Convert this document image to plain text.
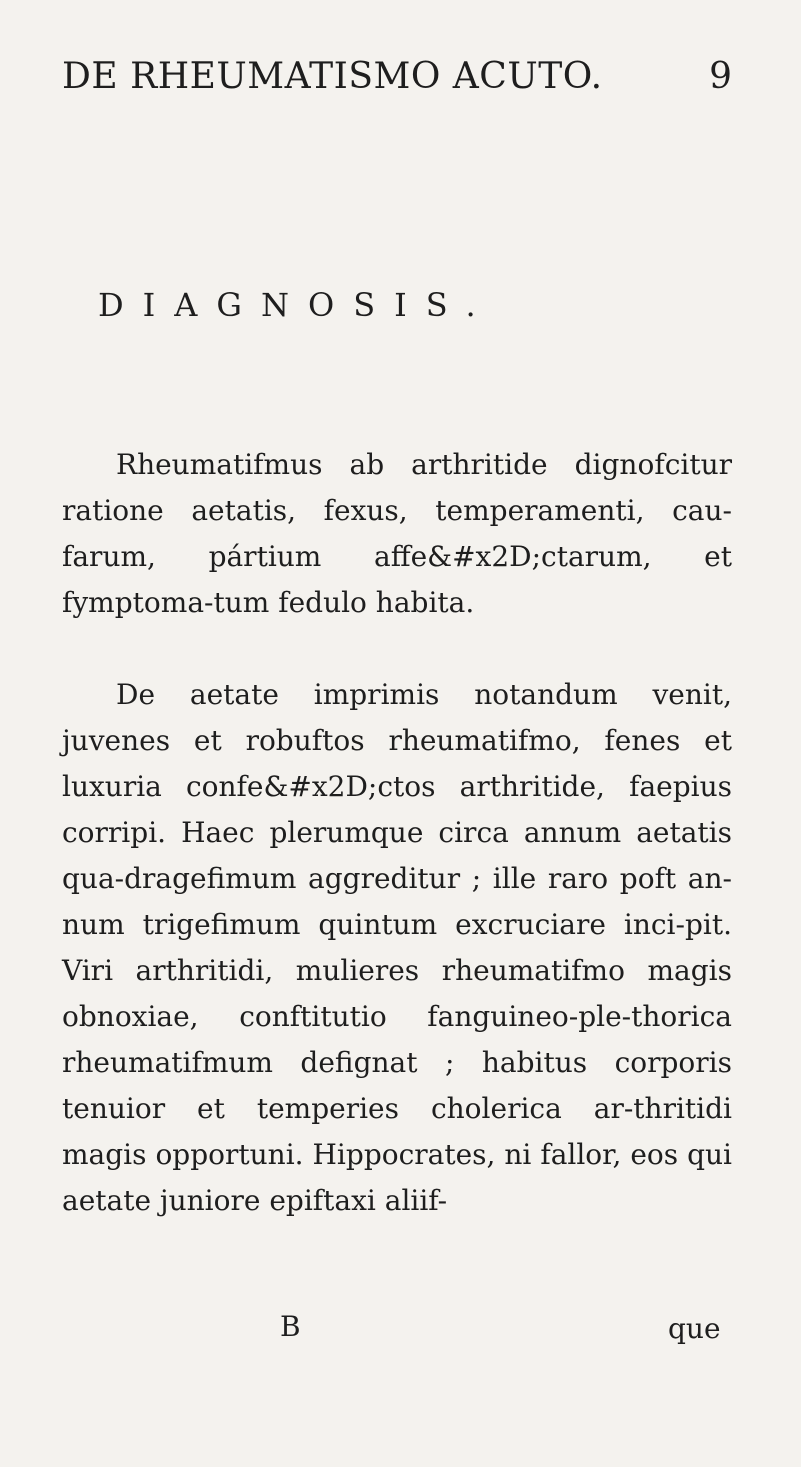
DE RHEUMATISMO ACUTO.	9
DIAGNOSIS.

Rheumatifmus ab arthritide dignofcitur ratione aetatis, fexus, temperamenti, cau-farum, pártium affe&#x2D;ctarum, et fymptoma-tum fedulo habita.

De aetate imprimis notandum venit, juvenes et robuftos rheumatifmo, fenes et luxuria confe&#x2D;ctos arthritide, faepius corripi. Haec plerumque circa annum aetatis qua-dragefimum aggreditur ; ille raro poft an-num trigefimum quintum excruciare inci-pit. Viri arthritidi, mulieres rheumatifmo magis obnoxiae, conftitutio fanguineo-ple-thorica rheumatifmum defignat ; habitus corporis tenuior et temperies cholerica ar-thritidi magis opportuni. Hippocrates, ni fallor, eos qui aetate juniore epiftaxi aliif-

B	que
